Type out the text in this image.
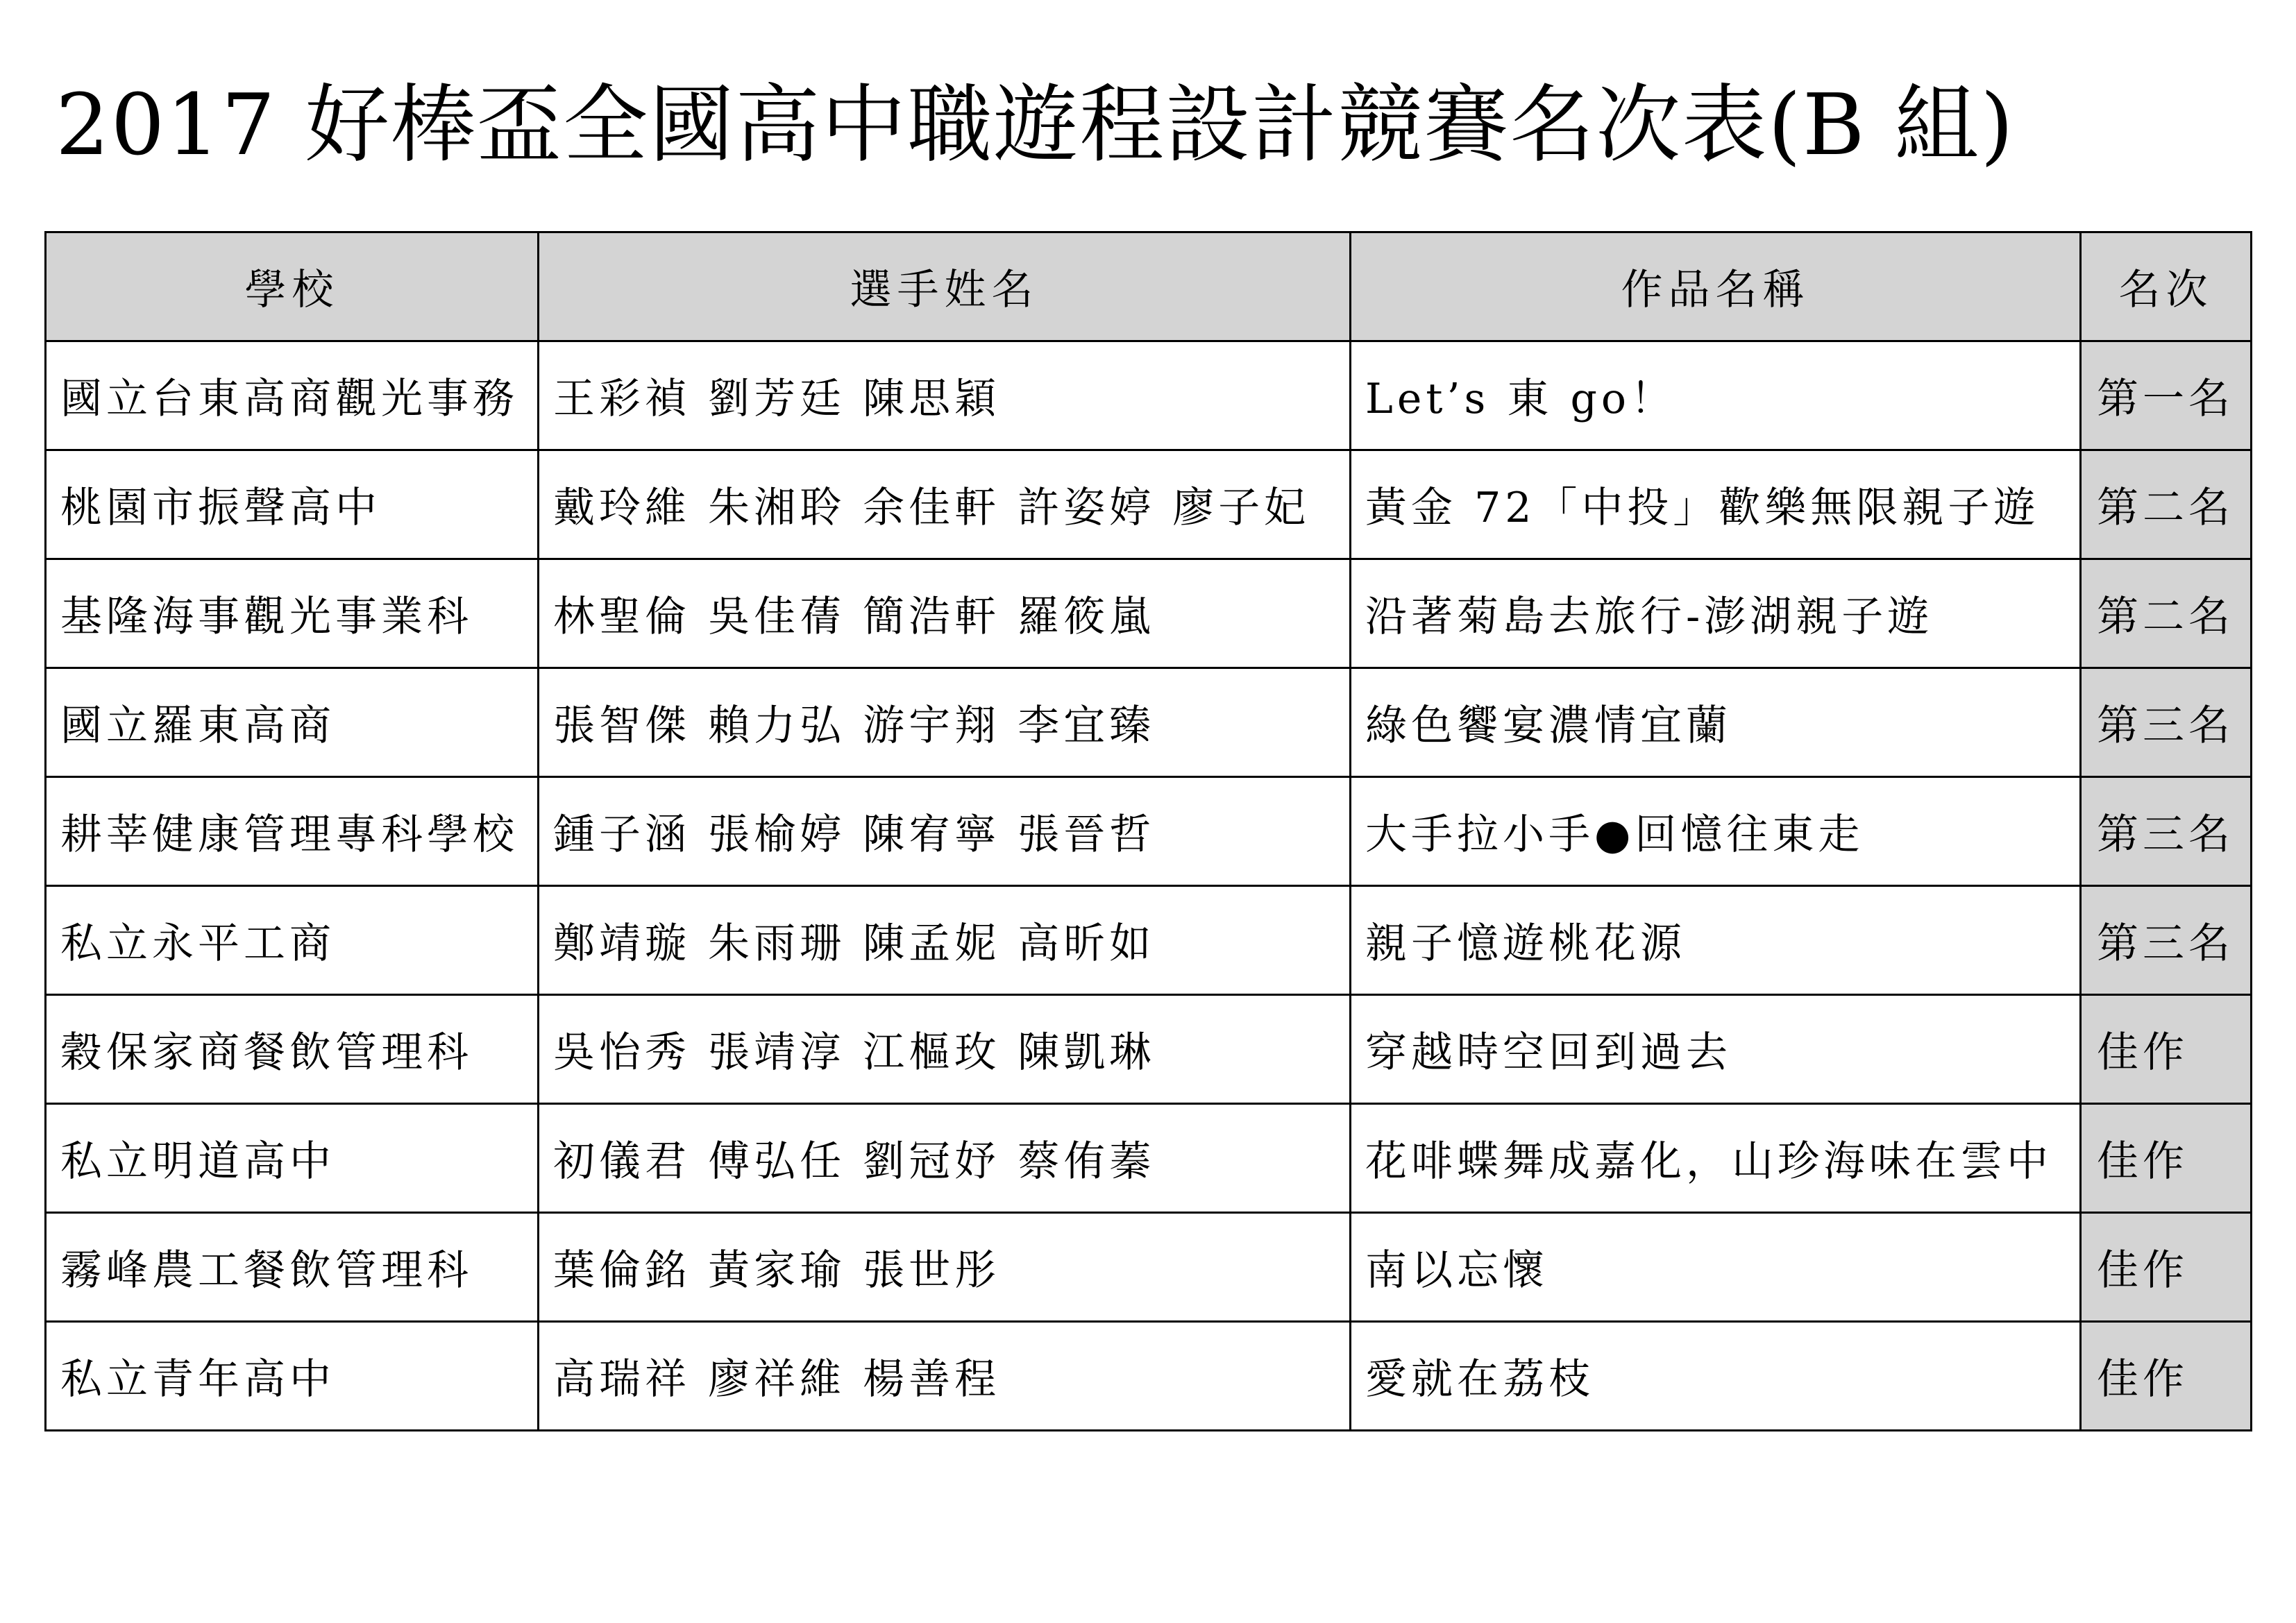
2017 好棒盃全國高中職遊程設計競賽名次表(B 組)
學校	選手姓名	作品名稱	名次
國立台東高商觀光事務	王彩禎 劉芳廷 陳思穎	Let’s 東 go！	第一名
桃園市振聲高中	戴玲維 朱湘聆 余佳軒 許姿婷 廖子妃	黃金 72「中投」歡樂無限親子遊	第二名
基隆海事觀光事業科	林聖倫 吳佳蒨 簡浩軒 羅筱嵐	沿著菊島去旅行-澎湖親子遊	第二名
國立羅東高商	張智傑 賴力弘 游宇翔 李宜臻	綠色饗宴濃情宜蘭	第三名
耕莘健康管理專科學校	鍾子涵 張榆婷 陳宥寧 張晉哲	大手拉小手●回憶往東走	第三名
私立永平工商	鄭靖璇 朱雨珊 陳孟妮 高昕如	親子憶遊桃花源	第三名
穀保家商餐飲管理科	吳怡秀 張靖淳 江樞玫 陳凱琳	穿越時空回到過去	佳作
私立明道高中	初儀君 傅弘任 劉冠妤 蔡侑蓁	花啡蝶舞成嘉化，山珍海味在雲中	佳作
霧峰農工餐飲管理科	葉倫銘 黃家瑜 張世彤	南以忘懷	佳作
私立青年高中	高瑞祥 廖祥維 楊善程	愛就在荔枝	佳作
